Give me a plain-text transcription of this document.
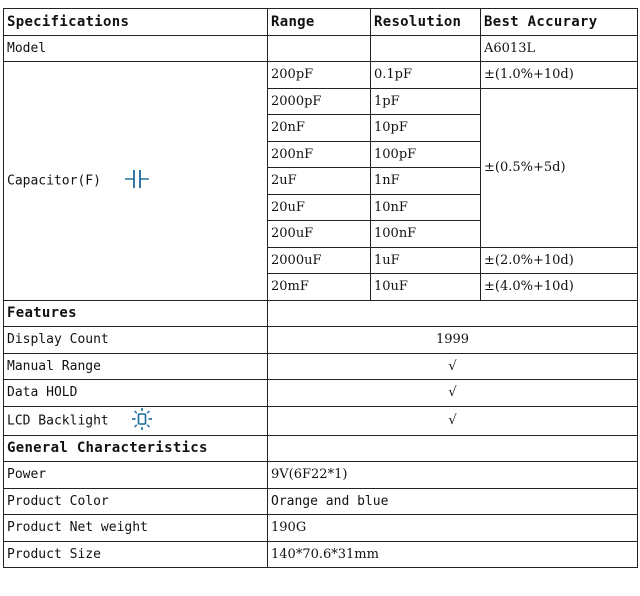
Specifications	Range	Resolution	Best Accurary
Model			A6013L
Capacitor(F)	200pF	0.1pF	±(1.0%+10d)
	2000pF	1pF	±(0.5%+5d)
	20nF	10pF	
	200nF	100pF	
	2uF	1nF	
	20uF	10nF	
	200uF	100nF	
	2000uF	1uF	±(2.0%+10d)
	20mF	10uF	±(4.0%+10d)
Features			
Display Count	1999		
Manual Range	√		
Data HOLD	√		
LCD Backlight	√		
General Characteristics			
Power	9V(6F22*1)		
Product Color	Orange and blue		
Product Net weight	190G		
Product Size	140*70.6*31mm		
